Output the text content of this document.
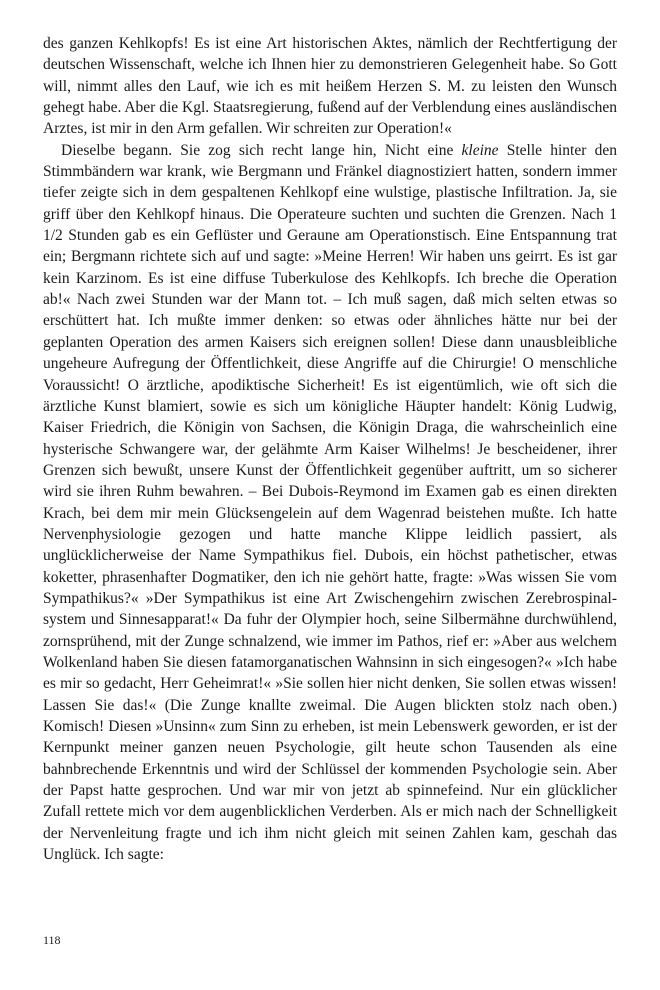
des ganzen Kehlkopfs! Es ist eine Art historischen Aktes, nämlich der Rechtfertigung der deutschen Wissenschaft, welche ich Ihnen hier zu demonstrieren Gelegenheit habe. So Gott will, nimmt alles den Lauf, wie ich es mit heißem Herzen S. M. zu leisten den Wunsch gehegt habe. Aber die Kgl. Staatsregierung, fußend auf der Verblendung eines ausländischen Arztes, ist mir in den Arm gefallen. Wir schreiten zur Operation!«

Dieselbe begann. Sie zog sich recht lange hin, Nicht eine kleine Stelle hinter den Stimmbändern war krank, wie Bergmann und Fränkel diagnostiziert hatten, sondern immer tiefer zeigte sich in dem gespaltenen Kehlkopf eine wulstige, plastische Infiltration. Ja, sie griff über den Kehlkopf hinaus. Die Operateure suchten und suchten die Grenzen. Nach 1 1/2 Stunden gab es ein Geflüster und Geraune am Operationstisch. Eine Entspannung trat ein; Bergmann richtete sich auf und sagte: »Meine Herren! Wir haben uns geirrt. Es ist gar kein Karzinom. Es ist eine diffuse Tuberkulose des Kehlkopfs. Ich breche die Operation ab!« Nach zwei Stunden war der Mann tot. – Ich muß sagen, daß mich selten etwas so erschüttert hat. Ich mußte immer denken: so etwas oder ähnliches hätte nur bei der geplanten Operation des armen Kaisers sich ereignen sollen! Diese dann unausbleibliche ungeheure Aufregung der Öffentlichkeit, diese Angriffe auf die Chirurgie! O menschliche Voraussicht! O ärztliche, apodiktische Sicherheit! Es ist eigentümlich, wie oft sich die ärztliche Kunst blamiert, sowie es sich um königliche Häupter handelt: König Ludwig, Kaiser Friedrich, die Königin von Sachsen, die Königin Draga, die wahrscheinlich eine hysterische Schwangere war, der gelähmte Arm Kaiser Wilhelms! Je bescheidener, ihrer Grenzen sich bewußt, unsere Kunst der Öffentlichkeit gegenüber auftritt, um so sicherer wird sie ihren Ruhm bewahren. – Bei Dubois-Reymond im Examen gab es einen direkten Krach, bei dem mir mein Glücksengelein auf dem Wagenrad beistehen mußte. Ich hatte Nervenphysiologie gezogen und hatte manche Klippe leidlich passiert, als unglücklicherweise der Name Sympathikus fiel. Dubois, ein höchst pathetischer, etwas koketter, phrasenhafter Dogmatiker, den ich nie gehört hatte, fragte: »Was wissen Sie vom Sympathikus?« »Der Sympathikus ist eine Art Zwischengehirn zwischen Zerebrospinalsystem und Sinnesapparat!« Da fuhr der Olympier hoch, seine Silbermähne durchwühlend, zornsprühend, mit der Zunge schnalzend, wie immer im Pathos, rief er: »Aber aus welchem Wolkenland haben Sie diesen fatamorganatischen Wahnsinn in sich eingesogen?« »Ich habe es mir so gedacht, Herr Geheimrat!« »Sie sollen hier nicht denken, Sie sollen etwas wissen! Lassen Sie das!« (Die Zunge knallte zweimal. Die Augen blickten stolz nach oben.) Komisch! Diesen »Unsinn« zum Sinn zu erheben, ist mein Lebenswerk geworden, er ist der Kernpunkt meiner ganzen neuen Psychologie, gilt heute schon Tausenden als eine bahnbrechende Erkenntnis und wird der Schlüssel der kommenden Psychologie sein. Aber der Papst hatte gesprochen. Und war mir von jetzt ab spinnefeind. Nur ein glücklicher Zufall rettete mich vor dem augenblicklichen Verderben. Als er mich nach der Schnelligkeit der Nervenleitung fragte und ich ihm nicht gleich mit seinen Zahlen kam, geschah das Unglück. Ich sagte:

118
